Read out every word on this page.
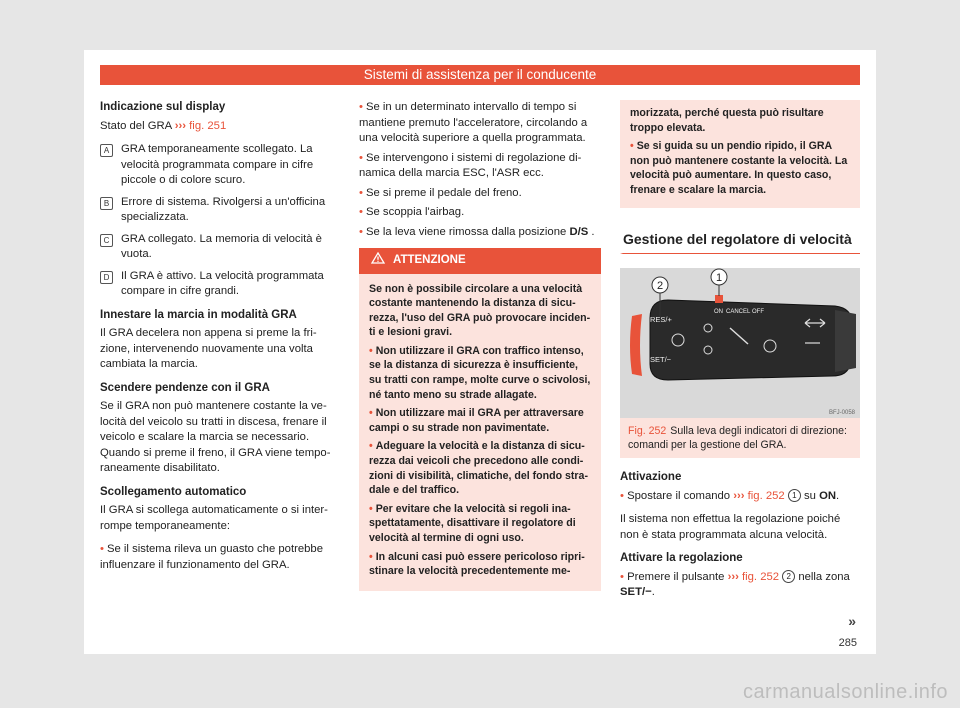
Sistemi di assistenza per il conducente
Indicazione sul display

Stato del GRA ››› fig. 251

A	GRA temporaneamente scollegato. La velocità programmata compare in cifre piccole o di colore scuro.
B	Errore di sistema. Rivolgersi a un'officina specializzata.
C	GRA collegato. La memoria di velocità è vuota.
D	Il GRA è attivo. La velocità programmata compare in cifre grandi.
Innestare la marcia in modalità GRA

Il GRA decelera non appena si preme la frizione, intervenendo nuovamente una volta cambiata la marcia.

Scendere pendenze con il GRA

Se il GRA non può mantenere costante la velocità del veicolo su tratti in discesa, frenare il veicolo e scalare la marcia se necessario. Quando si preme il freno, il GRA viene temporaneamente disabilitato.

Scollegamento automatico

Il GRA si scollega automaticamente o si interrompe temporaneamente:

• Se il sistema rileva un guasto che potrebbe influenzare il funzionamento del GRA.
• Se in un determinato intervallo di tempo si mantiene premuto l'acceleratore, circolando a una velocità superiore a quella programmata.
• Se intervengono i sistemi di regolazione dinamica della marcia ESC, l'ASR ecc.
• Se si preme il pedale del freno.
• Se scoppia l'airbag.
• Se la leva viene rimossa dalla posizione D/S .
ATTENZIONE

Se non è possibile circolare a una velocità costante mantenendo la distanza di sicurezza, l'uso del GRA può provocare incidenti e lesioni gravi.

• Non utilizzare il GRA con traffico intenso, se la distanza di sicurezza è insufficiente, su tratti con rampe, molte curve o scivolosi, né tanto meno su strade allagate.

• Non utilizzare mai il GRA per attraversare campi o su strade non pavimentate.

• Adeguare la velocità e la distanza di sicurezza dai veicoli che precedono alle condizioni di visibilità, climatiche, del fondo stradale e del traffico.

• Per evitare che la velocità si regoli inaspettatamente, disattivare il regolatore di velocità al termine di ogni uso.

• In alcuni casi può essere pericoloso ripristinare la velocità precedentemente me-

morizzata, perché questa può risultare troppo elevata.
• Se si guida su un pendio ripido, il GRA non può mantenere costante la velocità. La velocità può aumentare. In questo caso, frenare e scalare la marcia.
Gestione del regolatore di velocità
1
2
RES/+
SET/−
ON CANCEL OFF
BFJ-0058
Fig. 252 Sulla leva degli indicatori di direzione: comandi per la gestione del GRA.
Attivazione

• Spostare il comando ››› fig. 252 1 su ON.

Il sistema non effettua la regolazione poiché non è stata programmata alcuna velocità.

Attivare la regolazione

• Premere il pulsante ››› fig. 252 2 nella zona SET/−.

»
285
carmanualsonline.info
